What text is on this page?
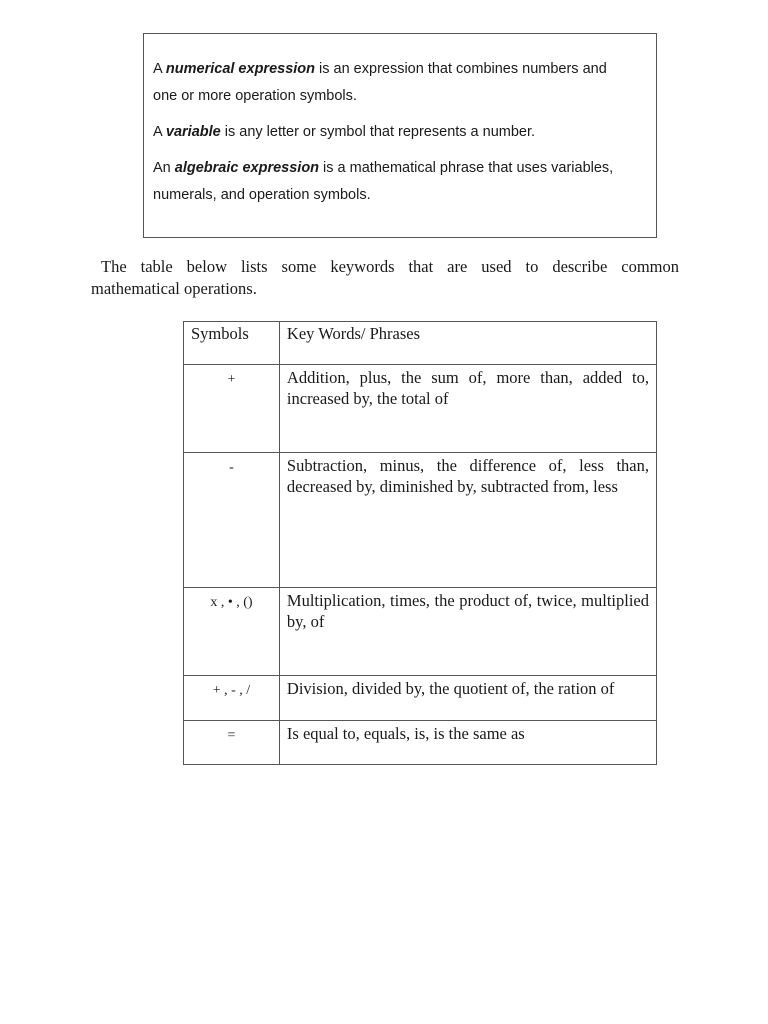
A numerical expression is an expression that combines numbers and
one or more operation symbols.

A variable is any letter or symbol that represents a number.

An algebraic expression is a mathematical phrase that uses variables,
numerals, and operation symbols.

The table below lists some keywords that are used to describe common
mathematical operations.

Symbols	Key Words/ Phrases
+	Addition, plus, the sum of, more than, added to, increased by, the total of
-	Subtraction, minus, the difference of, less than, decreased by, diminished by, subtracted from, less
x , • , ()	Multiplication, times, the product of, twice, multiplied by, of
+ , - , /	Division, divided by, the quotient of, the ration of
=	Is equal to, equals, is, is the same as
